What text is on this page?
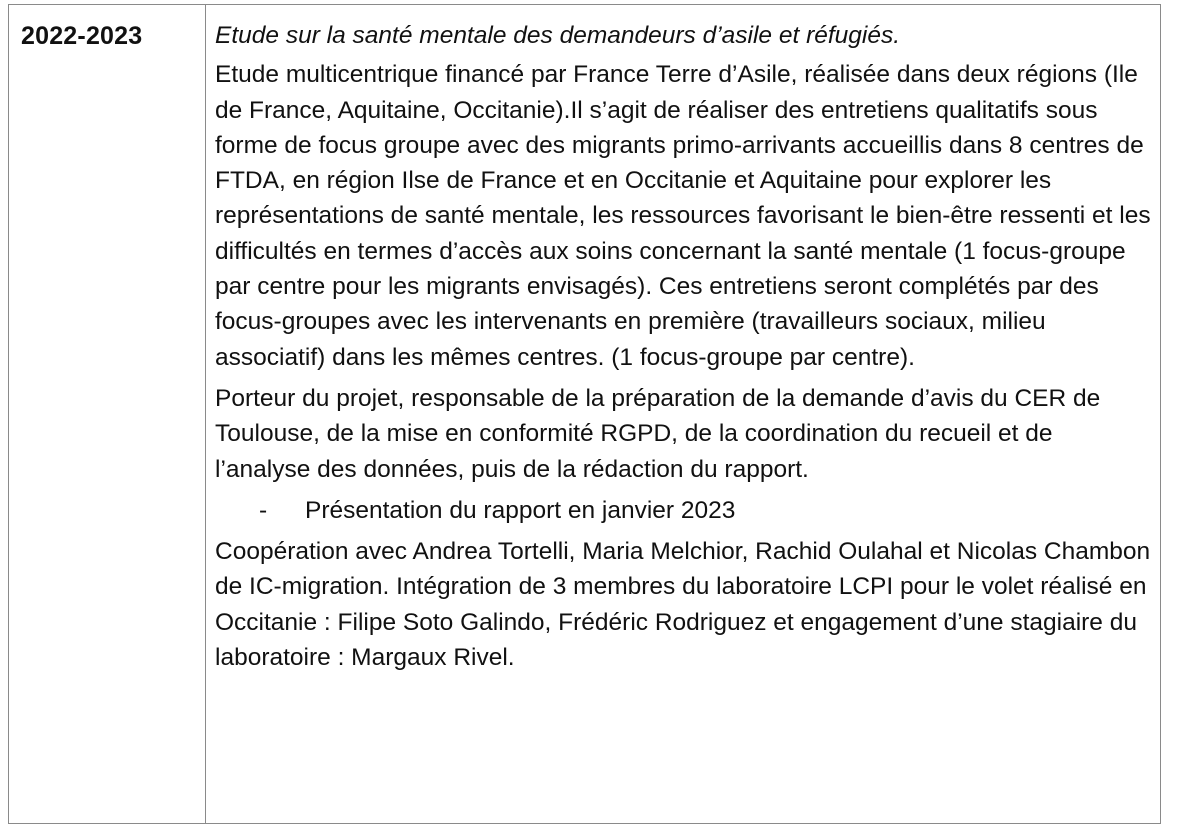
2022-2023	Etude sur la santé mentale des demandeurs d’asile et réfugiés.
Etude multicentrique financé par France Terre d’Asile, réalisée dans deux régions (Ile de France, Aquitaine, Occitanie).Il s’agit de réaliser des entretiens qualitatifs sous forme de focus groupe avec des migrants primo-arrivants accueillis dans 8 centres de FTDA, en région Ilse de France et en Occitanie et Aquitaine pour explorer les représentations de santé mentale, les ressources favorisant le bien-être ressenti et les difficultés en termes d’accès aux soins concernant la santé mentale (1 focus-groupe par centre pour les migrants envisagés). Ces entretiens seront complétés par des focus-groupes avec les intervenants en première (travailleurs sociaux, milieu associatif) dans les mêmes centres. (1 focus-groupe par centre).
Porteur du projet, responsable de la préparation de la demande d’avis du CER de Toulouse, de la mise en conformité RGPD, de la coordination du recueil et de l’analyse des données, puis de la rédaction du rapport.
-	Présentation du rapport en janvier 2023
Coopération avec Andrea Tortelli, Maria Melchior, Rachid Oulahal et Nicolas Chambon de IC-migration. Intégration de 3 membres du laboratoire LCPI pour le volet réalisé en Occitanie : Filipe Soto Galindo, Frédéric Rodriguez et engagement d’une stagiaire du laboratoire : Margaux Rivel.
